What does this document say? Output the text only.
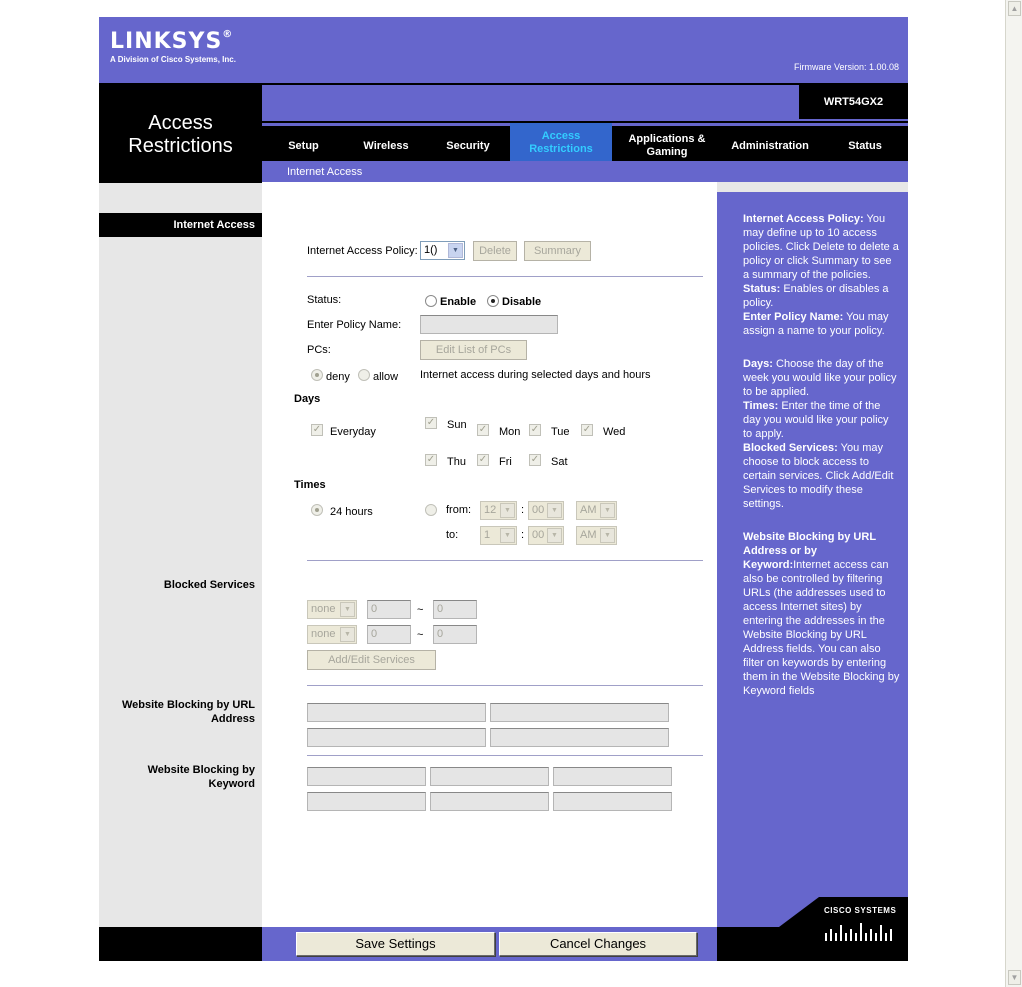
▲
▼
LINKSYS®
A Division of Cisco Systems, Inc.
Firmware Version: 1.00.08
Access
Restrictions
WRT54GX2
Setup	Wireless	Security
Access
Restrictions
Applications &
Gaming
Administration	Status
Internet Access
Internet Access
Blocked Services
Website Blocking by URL
Address
Website Blocking by
Keyword
Internet Access Policy: 1()	▼	Delete	Summary
Status:	Enable Disable
Enter Policy Name:
PCs:	Edit List of PCs
deny allow Internet access during selected days and hours
Days
✓ Everyday
✓ Sun ✓ Mon ✓ Tue ✓ Wed
✓ Thu ✓ Fri ✓ Sat
Times
24 hours	from:	12	▼ : 00 ▼	AM	▼
to:	1	▼ : 00 ▼	AM	▼
none	▼	0	~	0
none	▼	0	~	0
Add/Edit Services

Internet Access Policy: You may define up to 10 access policies. Click Delete to delete a policy or click Summary to see a summary of the policies.

Status: Enables or disables a policy.

Enter Policy Name: You may assign a name to your policy.

Days: Choose the day of the week you would like your policy to be applied.

Times: Enter the time of the day you would like your policy to apply.

Blocked Services: You may choose to block access to certain services. Click Add/Edit Services to modify these settings.

Website Blocking by URL Address or by Keyword:Internet access can also be controlled by filtering URLs (the addresses used to access Internet sites) by entering the addresses in the Website Blocking by URL Address fields. You can also filter on keywords by entering them in the Website Blocking by Keyword fields

Save Settings	Cancel Changes
CISCO SYSTEMS
